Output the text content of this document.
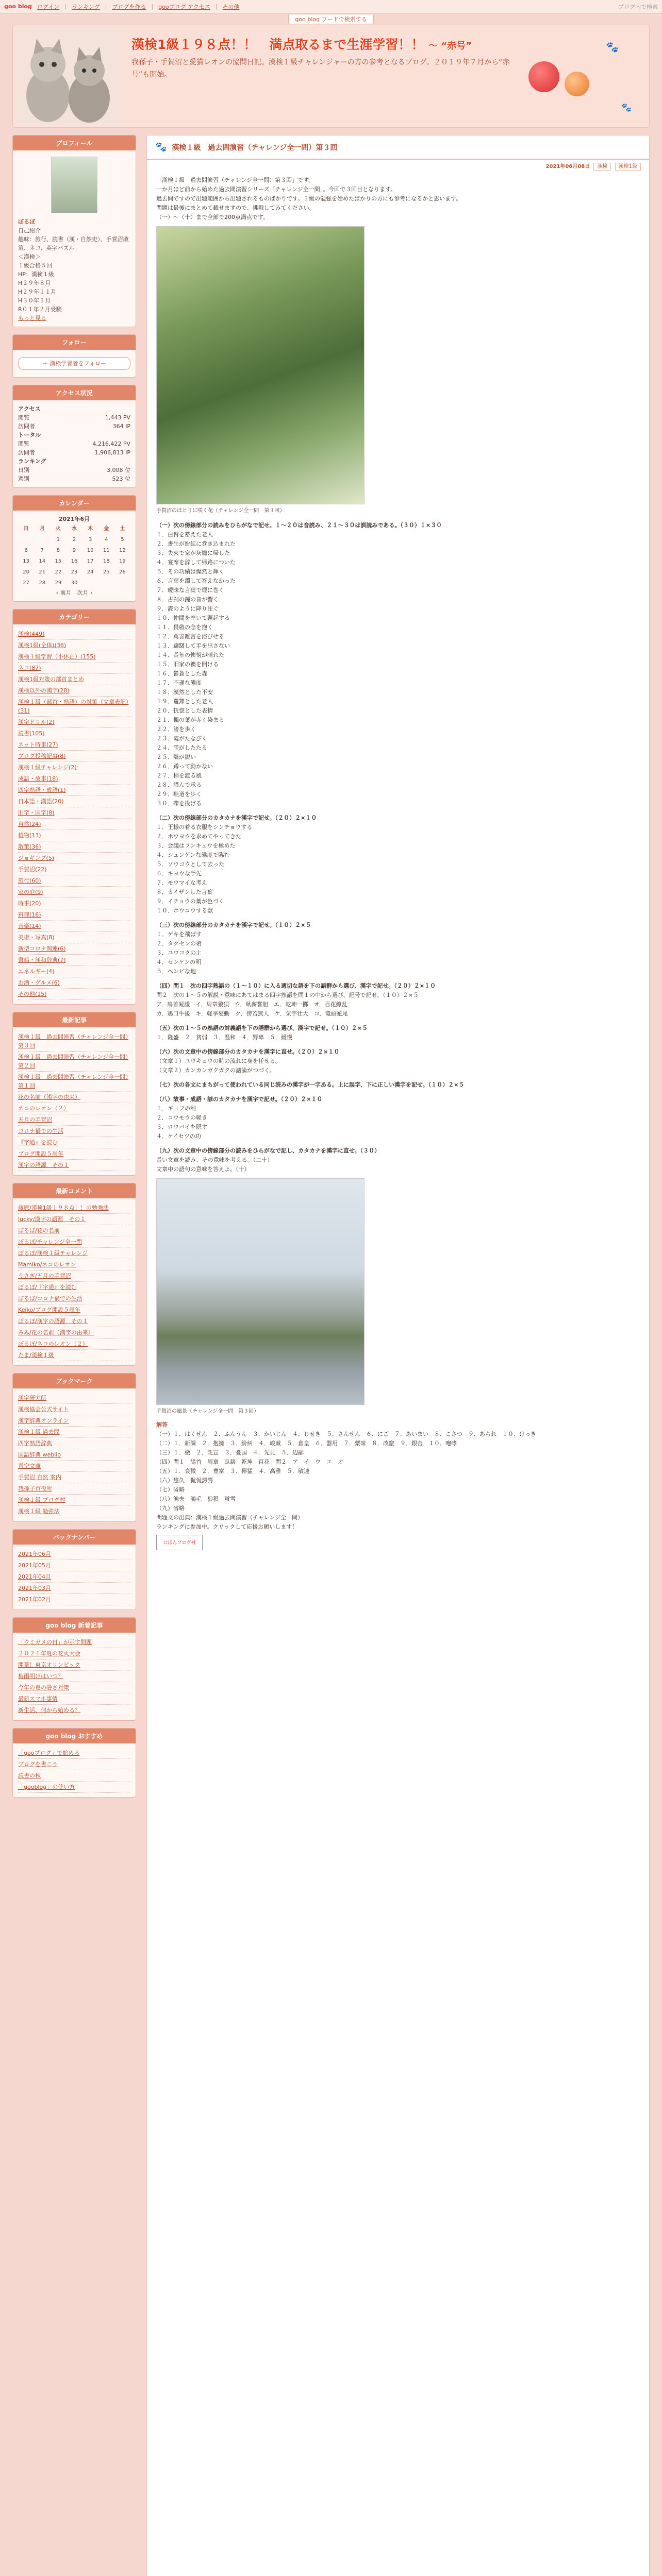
goo blog ログイン | ランキング | ブログを作る | gooブログ アクセス | その他	ブログ内で検索
goo blog ワードで検索する
漢検1級１９８点！！　満点取るまで生涯学習！！ 〜 “赤号”
我孫子・手賀沼と愛猫レオンの協問日記。漢検１級チャレンジャーの方の参考となるブログ。２０１９年７月から“赤号”も開始。
🐾
🐾
プロフィール
ぼるぼ
自己紹介
趣味：旅行、読書（漢・自然史）、手賀沼散策、ネコ、英字パズル
＜漢検＞
１級合格５回
HP：漢検１級
H２９年８月
H２９年１１月
H３０年１月
R０１年２月受験
もっと見る
フォロー
＋ 漢検学習者をフォロー
アクセス状況
アクセス
閲覧	1,443 PV
訪問者	364 IP
トータル
閲覧	4,216,422 PV
訪問者	1,906,813 IP
ランキング
日別	3,008 位
週別	523 位
カレンダー
2021年6月
日	月	火	水	木	金	土
		1	2	3	4	5
6	7	8	9	10	11	12
13	14	15	16	17	18	19
20	21	22	23	24	25	26
27	28	29	30			
‹ 前月　次月 ›
カテゴリー
漢検(449)
漢検1級(全体)(36)
漢検１級学習（小休止）(155)
ネコ(87)
漢検1級対策の部首まとめ
漢検以外の漢字(28)
漢検１級（部首・熟語）の対策（文章表記）(31)
漢字ドリル(2)
読書(105)
ネット時事(27)
ブログ投稿記事(8)
漢検１級チャレンジ(2)
成語・故事(18)
四字熟語・成語(1)
日本語・漢語(20)
旧字・国字(8)
自然(24)
植物(13)
散策(36)
ジョギング(5)
手賀沼(22)
旅行(60)
家の庭(9)
時事(20)
料理(16)
音楽(14)
美術・写真(8)
新型コロナ関連(6)
書籍・漢和辞典(7)
エネルギー(4)
お酒・グルメ(6)
その他(15)
最新記事
漢検１級　過去問演習（チャレンジ全一問）第３回
漢検１級　過去問演習（チャレンジ全一問）第２回
漢検１級　過去問演習（チャレンジ全一問）第１回
花の名前（漢字の由来）
ネコのレオン（２）
五月の手賀沼
コロナ禍での生活
『字通』を読む
ブログ開設５周年
漢字の語源　その１
最新コメント
藤原/漢検1級１９８点！！の勉強法
lucky/漢字の語源　その１
ぼるぼ/花の名前
ぼるぼ/チャレンジ全一問
ぼるぼ/漢検１級チャレンジ
Mamiko/ネコのレオン
うさぎ/五月の手賀沼
ぼるぼ/『字通』を読む
ぼるぼ/コロナ禍での生活
Keiko/ブログ開設５周年
ぼるぼ/漢字の語源　その１
みみ/花の名前（漢字の由来）
ぼるぼ/ネコのレオン（２）
たま/漢検１級
ブックマーク
漢字研究所
漢検協会公式サイト
漢字辞典オンライン
漢検１級 過去問
四字熟語辞典
国語辞典 weblio
青空文庫
手賀沼 自然 案内
我孫子市役所
漢検１級 ブログ村
漢検１級 勉強法
バックナンバー
2021年06月
2021年05月
2021年04月
2021年03月
2021年02月
goo blog 新着記事
「ウミガメの日」が示す問題
２０２１年夏の花火大会
開幕！東京オリンピック
梅雨明けはいつ？
今年の夏の暑さ対策
最新スマホ事情
新生活、何から始める？
goo blog おすすめ
「gooブログ」で始める
ブログを書こう
読書の秋
「gooblog」の使い方
🐾 漢検１級　過去問演習（チャレンジ全一問）第３回
2021年06月08日 漢検 漢検1級

「漢検１級　過去問演習（チャレンジ全一問）第３回」です。

一か月ほど前から始めた過去問演習シリーズ「チャレンジ全一問」。今回で３回目となります。

過去問ですので出題範囲から出題されるものばかりです。１級の勉強を始めたばかりの方にも参考になるかと思います。

問題は最後にまとめて載せますので、挑戦してみてください。

（一）～（十）まで全部で200点満点です。

手賀沼のほとりに咲く花（チャレンジ全一問　第３回）

（一）次の傍線部分の読みをひらがなで記せ。１～２０は音読み、２１～３０は訓読みである。（３０）１×３０

１．白髯を蓄えた老人

２．書生が紛紜に巻き込まれた

３．失火で家が灰燼に帰した

４．宴席を辞して帰路についた

５．その功績は燦然と輝く

６．言葉を濁して答えなかった

７．曖昧な言葉で煙に巻く

８．古刹の鐘の音が響く

９．霰のように降り注ぐ

１０．仲間を率いて蹶起する

１１．畏敬の念を抱く

１２．罵詈雑言を浴びせる

１３．躊躇して手を出さない

１４．長年の懊悩が晴れた

１５．旧家の襖を開ける

１６．鬱蒼とした森

１７．不遜な態度

１８．漠然とした不安

１９．矍鑠とした老人

２０．恍惚とした表情

２１．楓の葉が赤く染まる

２２．渚を歩く

２３．霞がたなびく

２４．雫がしたたる

２５．嘴が鋭い

２６．蹲って動かない

２７．梢を渡る風

２８．謹んで承る

２９．畦道を歩く

３０．礫を投げる

（二）次の傍線部分のカタカナを漢字で記せ。（２０）２×１０

１．王様の着る衣服をシンチョウする

２．ホウヨウを求めてやってきた

３．会議はフンキュウを極めた

４．シュンゲンな態度で臨む

５．ソウコウとして去った

６．キヨウな手先

７．モウマイな考え

８．カイザンした言葉

９．イチョウの葉が色づく

１０．ホウコウする獣

（三）次の傍線部分のカタカナを漢字で記せ。（１０）２×５

１．ゲキを飛ばす

２．タクセンの術

３．ユウコクの士

４．センケンの明

５．ヘンピな地

（四）問１　次の四字熟語の（１～１０）に入る適切な語を下の語群から選び、漢字で記せ。（２０）２×１０

問２　次の１～５の解説・意味にあてはまる四字熟語を問１の中から選び、記号で記せ。（１０）２×５

ア．鳩首凝議　イ．周章狼狽　ウ．臥薪嘗胆　エ．乾坤一擲　オ．百花繚乱

カ．鶏口牛後　キ．軽挙妄動　ク．傍若無人　ケ．気宇壮大　コ．竜頭蛇尾

（五）次の１～５の熟語の対義語を下の語群から選び、漢字で記せ。（１０）２×５

１．隆盛　２．貧弱　３．温和　４．野卑　５．緩慢

（六）次の文章中の傍線部分のカタカナを漢字に直せ。（２０）２×１０

（文章１）ユウキュウの時の流れに身を任せる。

（文章２）カンカンガクガクの議論がつづく。

（七）次の各文にまちがって使われている同じ読みの漢字が一字ある。上に誤字、下に正しい漢字を記せ。（１０）２×５

（八）故事・成語・諺のカタカナを漢字で記せ。（２０）２×１０

１．ギョフの利

２．コウモウの軽き

３．ロウバイを隠す

４．ケイセツの功

（九）次の文章中の傍線部分の読みをひらがなで記し、カタカナを漢字に直せ。（３０）

長い文章を読み、その意味を考える。（二十）

文章中の語句の意味を答えよ。（十）

手賀沼の風景（チャレンジ全一問　第３回）

解答

（一）１．はくぜん　２．ふんうん　３．かいじん　４．じせき　５．さんぜん　６．にご　７．あいまい　８．こさつ　９．あられ　１０．けっき

（二）１．新調　２．抱擁　３．紛糾　４．峻厳　５．倉皇　６．器用　７．蒙昧　８．改竄　９．銀杏　１０．咆哮

（三）１．檄　２．託宣　３．憂国　４．先見　５．辺鄙

（四）問１　鳩首　周章　臥薪　乾坤　百花　問２　ア　イ　ウ　エ　オ

（五）１．衰微　２．豊富　３．獰猛　４．高雅　５．敏速

（六）悠久　侃侃諤諤

（七）省略

（八）漁夫　鴻毛　狼狽　蛍雪

（九）省略

問題文の出典：漢検１級過去問演習（チャレンジ全一問）

ランキングに参加中。クリックして応援お願いします！

にほんブログ村
